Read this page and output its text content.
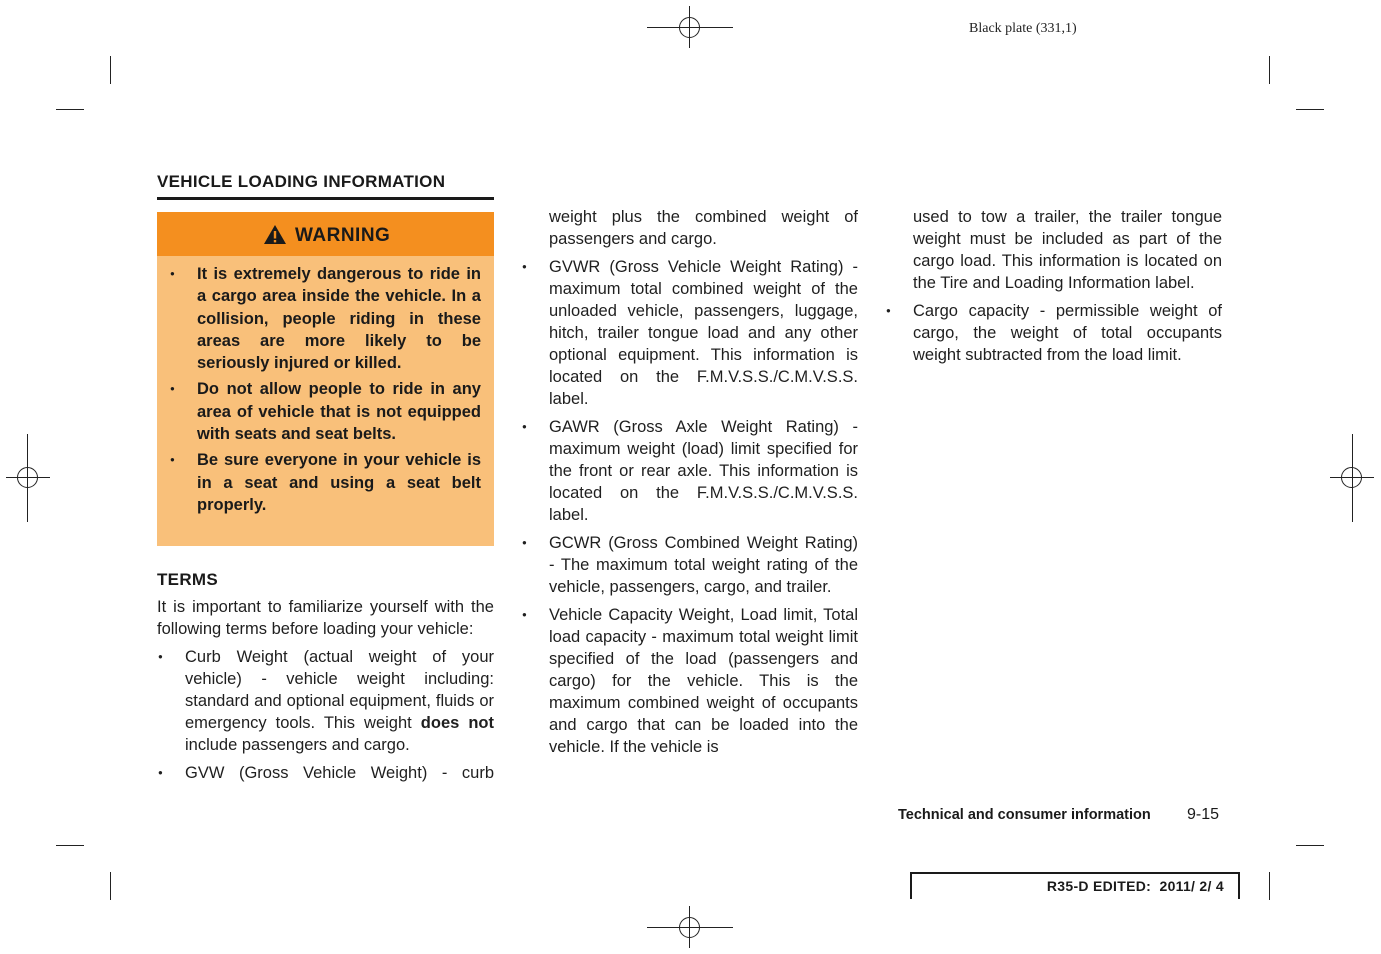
Black plate (331,1)
VEHICLE LOADING INFORMATION
WARNING

● It is extremely dangerous to ride in a cargo area inside the vehicle. In a collision, people riding in these areas are more likely to be seriously injured or killed.

● Do not allow people to ride in any area of vehicle that is not equipped with seats and seat belts.

● Be sure everyone in your vehicle is in a seat and using a seat belt properly.

TERMS

It is important to familiarize yourself with the following terms before loading your vehicle:

● Curb Weight (actual weight of your vehicle) - vehicle weight including: standard and optional equipment, fluids or emergency tools. This weight does not include passengers and cargo.
● GVW (Gross Vehicle Weight) - curb

weight plus the combined weight of passengers and cargo.

● GVWR (Gross Vehicle Weight Rating) - maximum total combined weight of the unloaded vehicle, passengers, luggage, hitch, trailer tongue load and any other optional equipment. This information is located on the F.M.V.S.S./C.M.V.S.S. label.
● GAWR (Gross Axle Weight Rating) - maximum weight (load) limit specified for the front or rear axle. This information is located on the F.M.V.S.S./C.M.V.S.S. label.
● GCWR (Gross Combined Weight Rating) - The maximum total weight rating of the vehicle, passengers, cargo, and trailer.
● Vehicle Capacity Weight, Load limit, Total load capacity - maximum total weight limit specified of the load (passengers and cargo) for the vehicle. This is the maximum combined weight of occupants and cargo that can be loaded into the vehicle. If the vehicle is

used to tow a trailer, the trailer tongue weight must be included as part of the cargo load. This information is located on the Tire and Loading Information label.

● Cargo capacity - permissible weight of cargo, the weight of total occupants weight subtracted from the load limit.
Technical and consumer information 9-15
R35-D EDITED:  2011/ 2/ 4
